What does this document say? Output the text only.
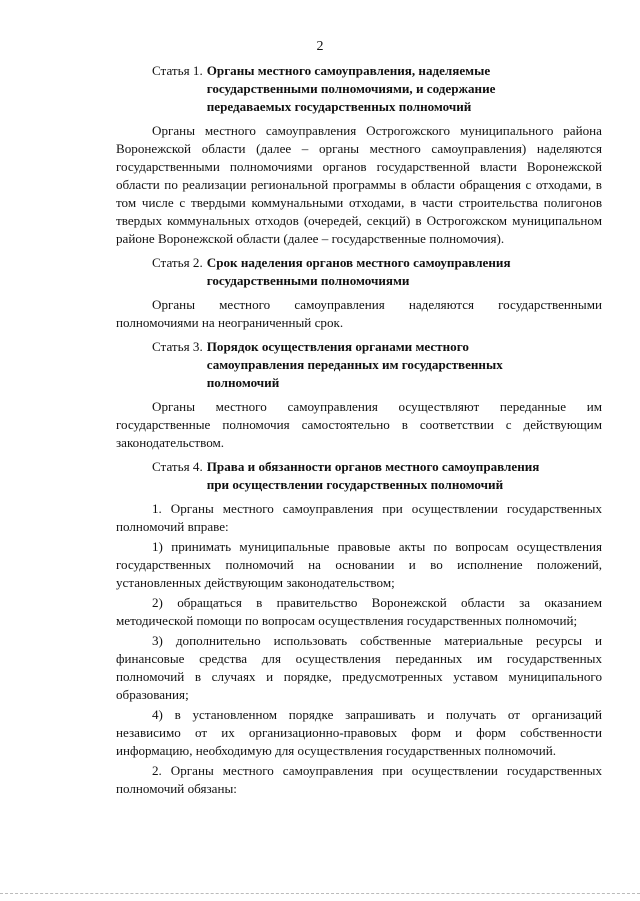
2
Статья 1. Органы местного самоуправления, наделяемые
государственными полномочиями, и содержание
передаваемых государственных полномочий

Органы местного самоуправления Острогожского муниципального района Воронежской области (далее – органы местного самоуправления) наделяются государственными полномочиями органов государственной власти Воронежской области по реализации региональной программы в области обращения с отходами, в том числе с твердыми коммунальными отходами, в части строительства полигонов твердых коммунальных отходов (очередей, секций) в Острогожском муниципальном районе Воронежской области (далее – государственные полномочия).

Статья 2. Срок наделения органов местного самоуправления
государственными полномочиями

Органы местного самоуправления наделяются государственными полномочиями на неограниченный срок.

Статья 3. Порядок осуществления органами местного
самоуправления переданных им государственных
полномочий

Органы местного самоуправления осуществляют переданные им государственные полномочия самостоятельно в соответствии с действующим законодательством.

Статья 4. Права и обязанности органов местного самоуправления
при осуществлении государственных полномочий

1. Органы местного самоуправления при осуществлении государственных полномочий вправе:

1) принимать муниципальные правовые акты по вопросам осуществления государственных полномочий на основании и во исполнение положений, установленных действующим законодательством;

2) обращаться в правительство Воронежской области за оказанием методической помощи по вопросам осуществления государственных полномочий;

3) дополнительно использовать собственные материальные ресурсы и финансовые средства для осуществления переданных им государственных полномочий в случаях и порядке, предусмотренных уставом муниципального образования;

4) в установленном порядке запрашивать и получать от организаций независимо от их организационно-правовых форм и форм собственности информацию, необходимую для осуществления государственных полномочий.

2. Органы местного самоуправления при осуществлении государственных полномочий обязаны:
